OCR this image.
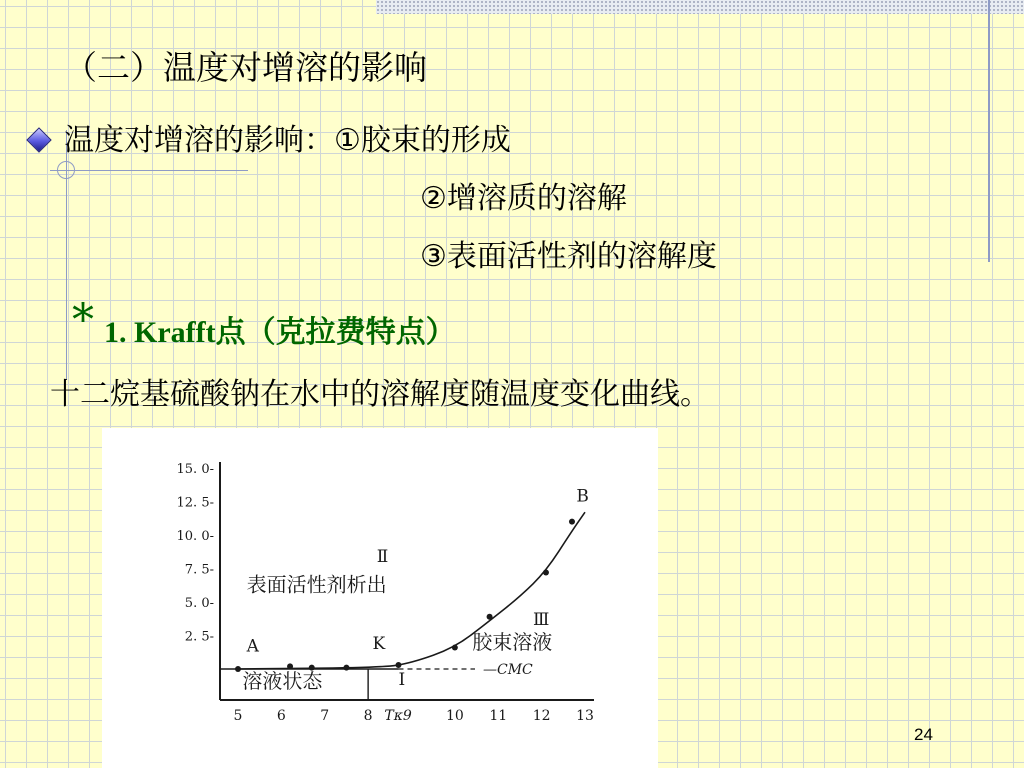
（二）温度对增溶的影响
温度对增溶的影响：①胶束的形成
②增溶质的溶解
③表面活性剂的溶解度
* 1. Krafft点（克拉费特点）
十二烷基硫酸钠在水中的溶解度随温度变化曲线。
—CMC
2. 5-
5. 0-
7. 5-
10. 0-
12. 5-
15. 0-
5 6 7 8	10 11 12 13
Tκ9
A	K
B
Ⅱ
表面活性剂析出
Ⅲ
胶束溶液
溶液状态	Ⅰ
24
